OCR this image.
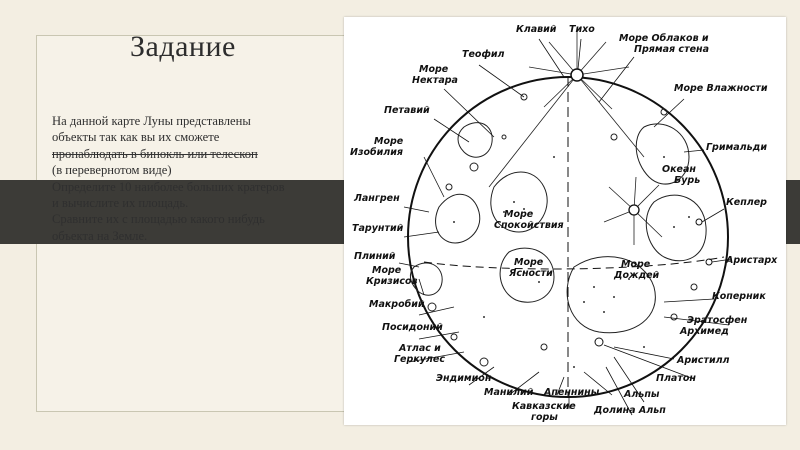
Задание
На данной карте Луны представлены
объекты так как вы их сможете
пронаблюдать в бинокль или телескоп
(в перевернотом виде)
Определите 10 наиболее больших кратеров
и вычислите их площадь.
Сравните их с площадью какого нибудь
объекта на Земле.
Клавий Тихо
Море Облаков и
Прямая стена
Теофил
Море
Нектара
Море Влажности
Петавий
Море
Изобилия	Гримальди
Океан
Бурь
Лангрен	Кеплер
Море
Спокойствия
Тарунтий
Плиний
Море
Ясности
Море
Дождей
Аристарх
Море
Кризисов
Коперник
Макробий
Эратосфен
Архимед
Посидоний
Атлас и
Геркулес	Аристилл
Эндимион	Платон
Манилий Апеннины	Альпы
Кавказские
горы
Долина Альп
